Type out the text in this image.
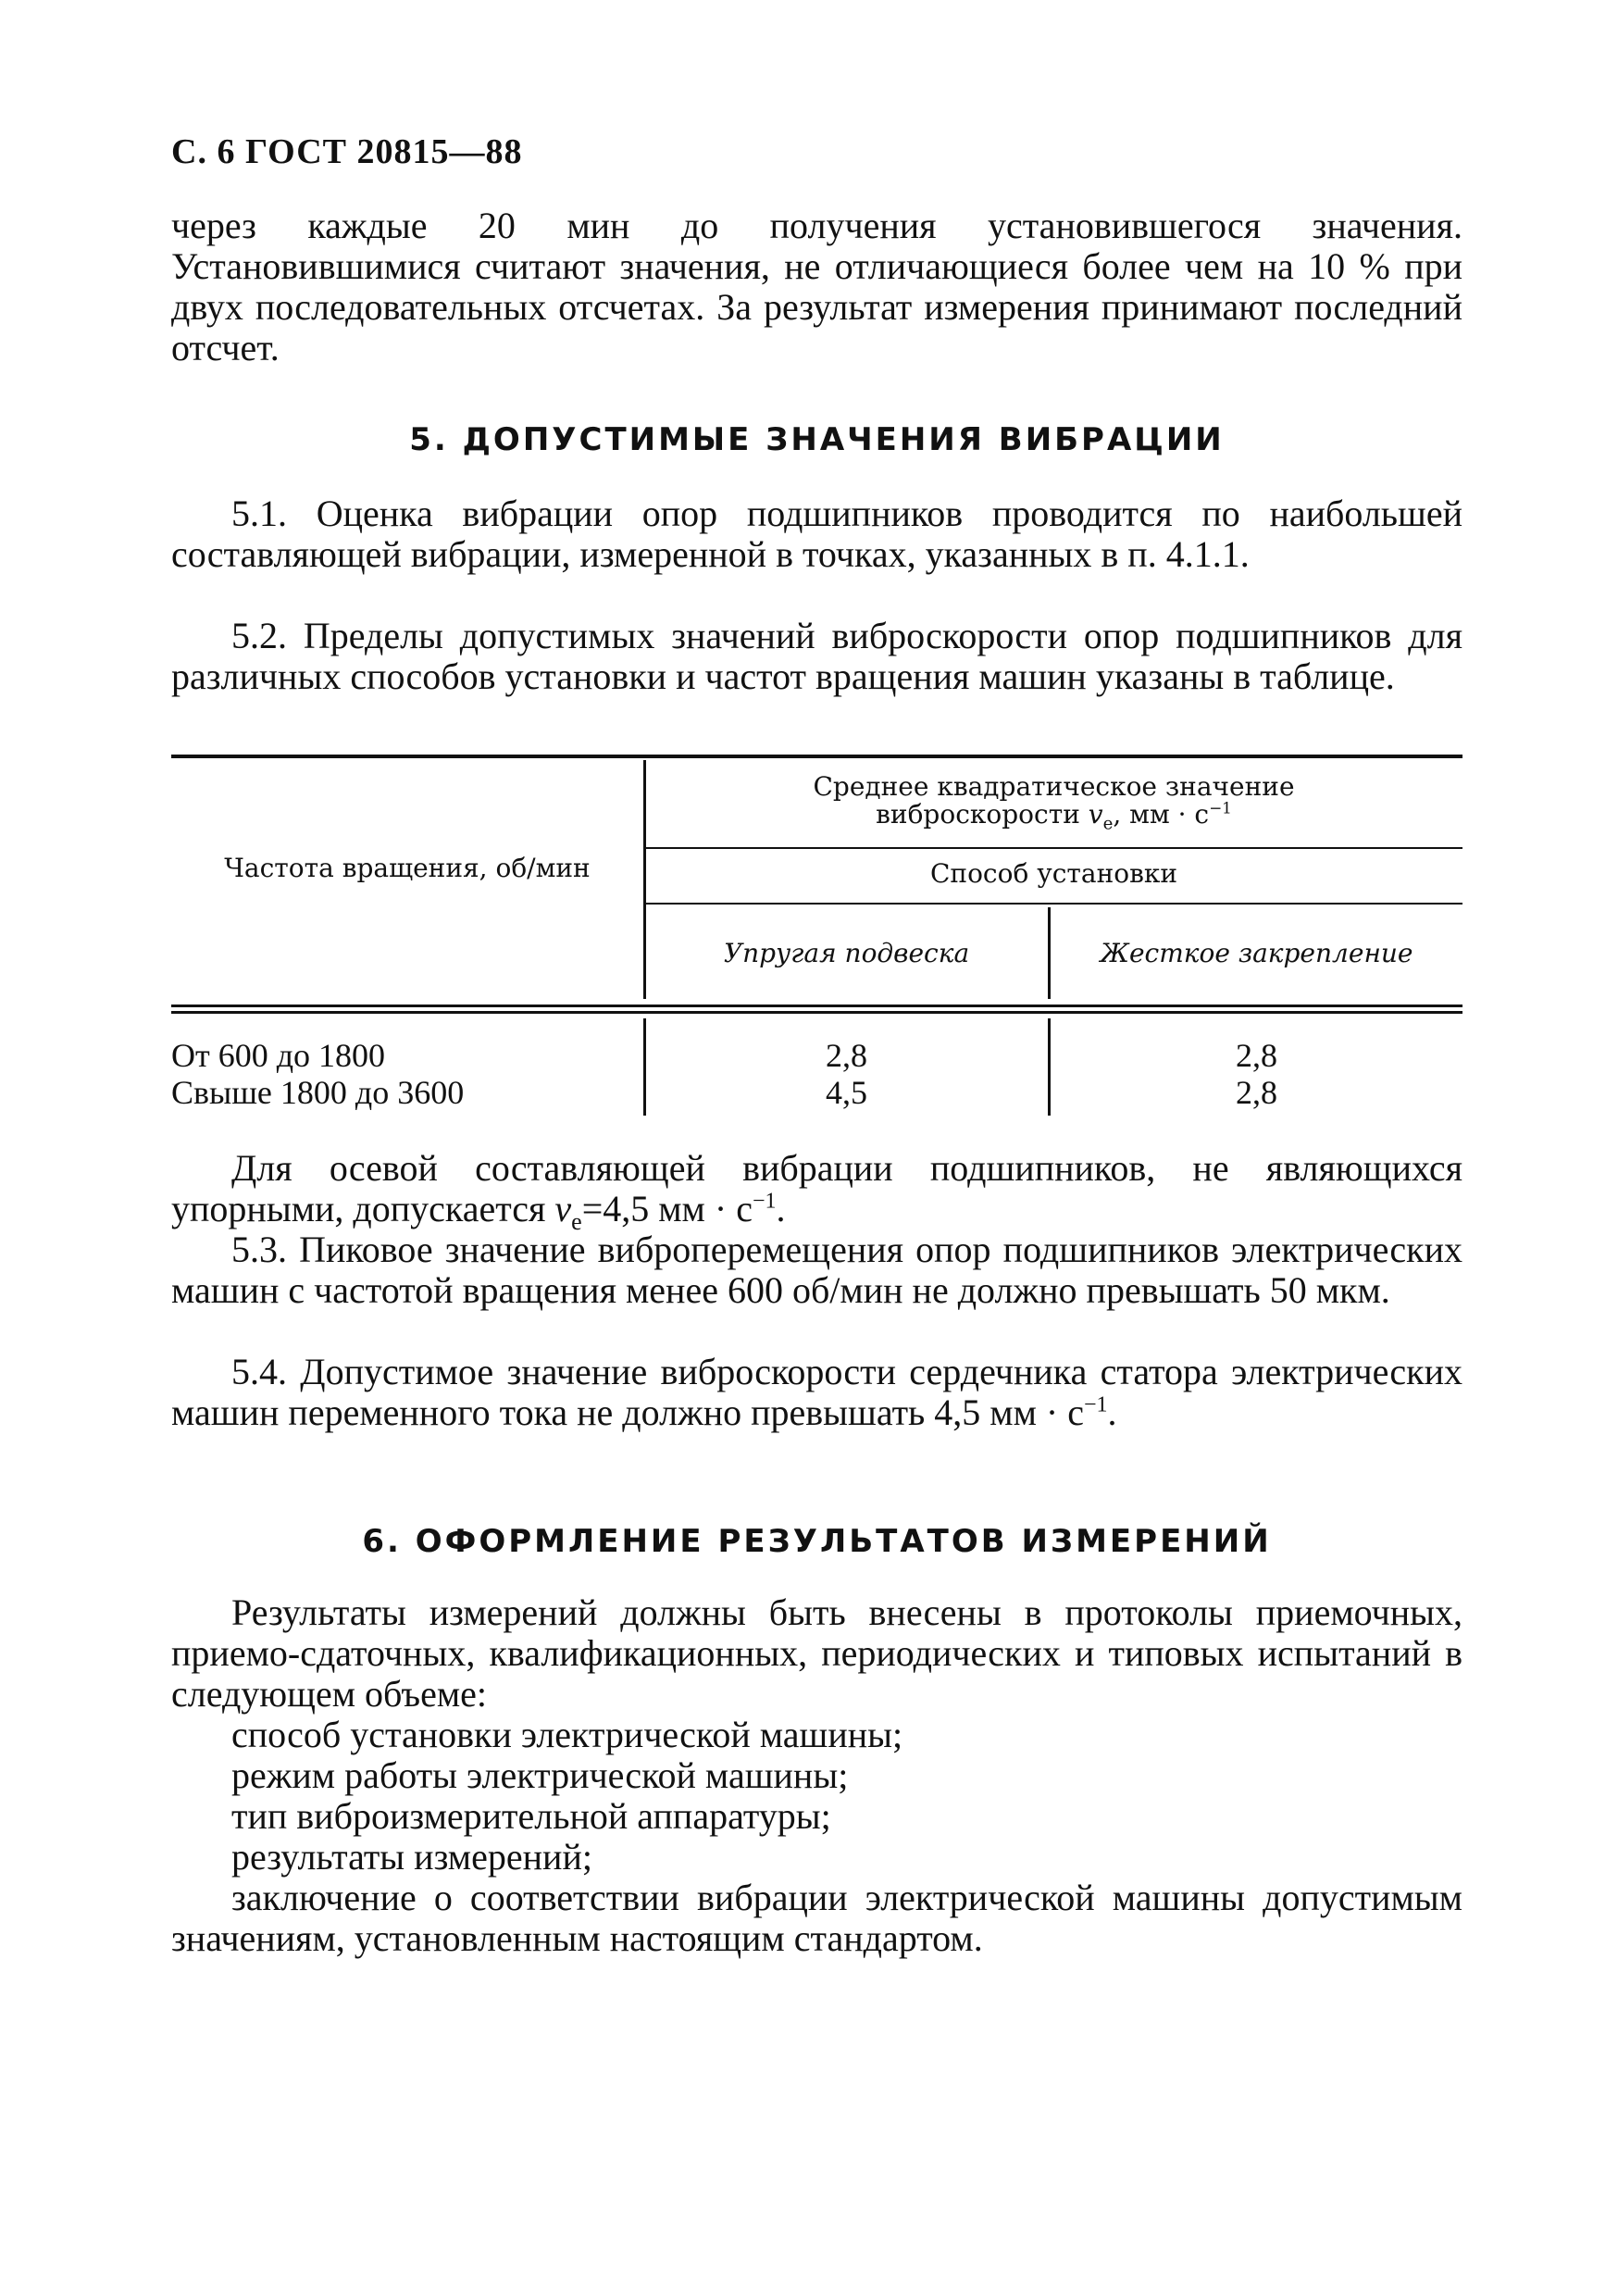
С. 6 ГОСТ 20815—88

через каждые 20 мин до получения установившегося значения. Установившимися считают значения, не отличающиеся более чем на 10 % при двух последовательных отсчетах. За результат измерения принимают последний отсчет.

5. ДОПУСТИМЫЕ ЗНАЧЕНИЯ ВИБРАЦИИ

5.1. Оценка вибрации опор подшипников проводится по наибольшей составляющей вибрации, измеренной в точках, указанных в п. 4.1.1.

5.2. Пределы допустимых значений виброскорости опор подшипников для различных способов установки и частот вращения машин указаны в таблице.

Частота вращения, об/мин
Среднее квадратическое значение
виброскорости $v_e$, мм · $с^{-1}$
Способ установки
Упругая подвеска	Жесткое закрепление
От 600 до 1800	2,8	2,8
Свыше 1800 до 3600	4,5	2,8

Для осевой составляющей вибрации подшипников, не являющихся упорными, допускается $v_e=4,5$ мм · $с^{-1}$.

5.3. Пиковое значение виброперемещения опор подшипников электрических машин с частотой вращения менее 600 об/мин не должно превышать 50 мкм.

5.4. Допустимое значение виброскорости сердечника статора электрических машин переменного тока не должно превышать 4,5 мм · $с^{-1}$.

6. ОФОРМЛЕНИЕ РЕЗУЛЬТАТОВ ИЗМЕРЕНИЙ

Результаты измерений должны быть внесены в протоколы приемочных, приемо-сдаточных, квалификационных, периодических и типовых испытаний в следующем объеме:

способ установки электрической машины;

режим работы электрической машины;

тип виброизмерительной аппаратуры;

результаты измерений;

заключение о соответствии вибрации электрической машины допустимым значениям, установленным настоящим стандартом.
